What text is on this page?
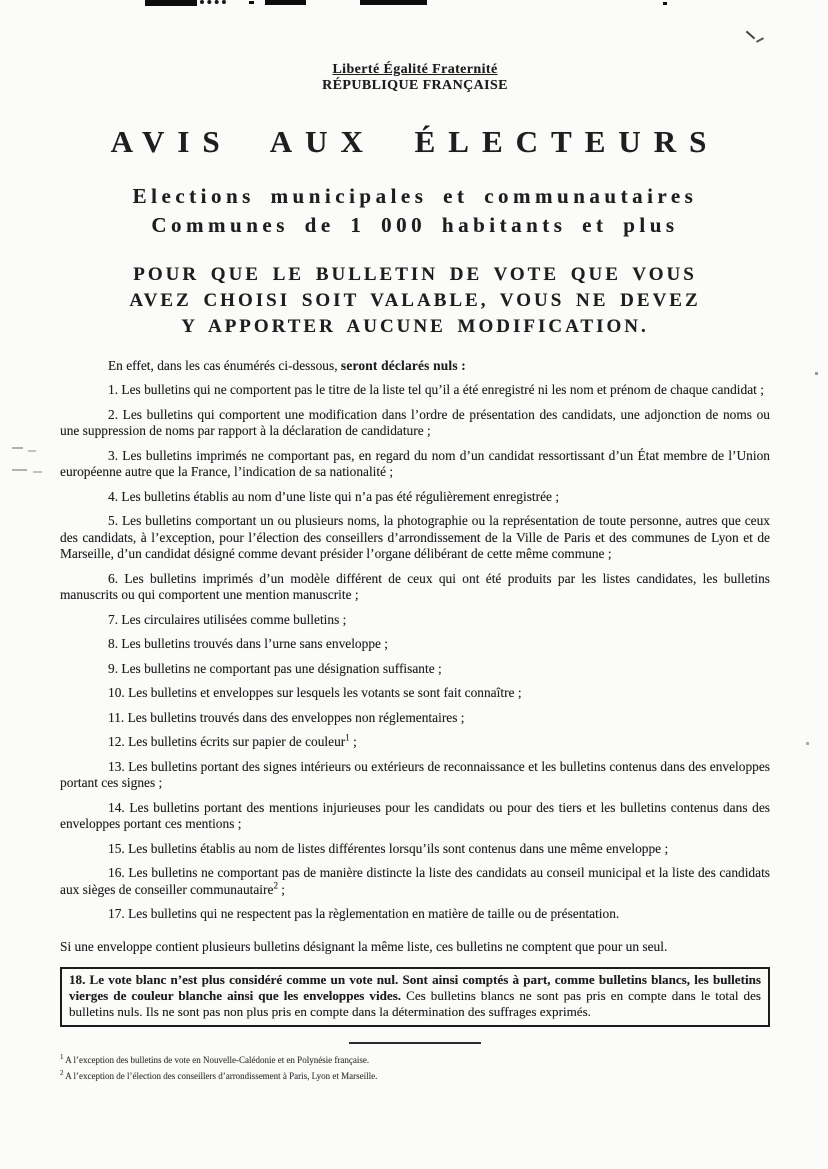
Liberté Égalité Fraternité
RÉPUBLIQUE FRANÇAISE
AVIS AUX ÉLECTEURS
Elections municipales et communautaires
Communes de 1 000 habitants et plus
POUR QUE LE BULLETIN DE VOTE QUE VOUS
AVEZ CHOISI SOIT VALABLE, VOUS NE DEVEZ
Y APPORTER AUCUNE MODIFICATION.

En effet, dans les cas énumérés ci-dessous, seront déclarés nuls :

1. Les bulletins qui ne comportent pas le titre de la liste tel qu’il a été enregistré ni les nom et prénom de chaque candidat ;

2. Les bulletins qui comportent une modification dans l’ordre de présentation des candidats, une adjonction de noms ou une suppression de noms par rapport à la déclaration de candidature ;

3. Les bulletins imprimés ne comportant pas, en regard du nom d’un candidat ressortissant d’un État membre de l’Union européenne autre que la France, l’indication de sa nationalité ;

4. Les bulletins établis au nom d’une liste qui n’a pas été régulièrement enregistrée ;

5. Les bulletins comportant un ou plusieurs noms, la photographie ou la représentation de toute personne, autres que ceux des candidats, à l’exception, pour l’élection des conseillers d’arrondissement de la Ville de Paris et des communes de Lyon et de Marseille, d’un candidat désigné comme devant présider l’organe délibérant de cette même commune ;

6. Les bulletins imprimés d’un modèle différent de ceux qui ont été produits par les listes candidates, les bulletins manuscrits ou qui comportent une mention manuscrite ;

7. Les circulaires utilisées comme bulletins ;

8. Les bulletins trouvés dans l’urne sans enveloppe ;

9. Les bulletins ne comportant pas une désignation suffisante ;

10. Les bulletins et enveloppes sur lesquels les votants se sont fait connaître ;

11. Les bulletins trouvés dans des enveloppes non réglementaires ;

12. Les bulletins écrits sur papier de couleur$^1$ ;

13. Les bulletins portant des signes intérieurs ou extérieurs de reconnaissance et les bulletins contenus dans des enveloppes portant ces signes ;

14. Les bulletins portant des mentions injurieuses pour les candidats ou pour des tiers et les bulletins contenus dans des enveloppes portant ces mentions ;

15. Les bulletins établis au nom de listes différentes lorsqu’ils sont contenus dans une même enveloppe ;

16. Les bulletins ne comportant pas de manière distincte la liste des candidats au conseil municipal et la liste des candidats aux sièges de conseiller communautaire$^2$ ;

17. Les bulletins qui ne respectent pas la règlementation en matière de taille ou de présentation.

Si une enveloppe contient plusieurs bulletins désignant la même liste, ces bulletins ne comptent que pour un seul.

18. Le vote blanc n’est plus considéré comme un vote nul. Sont ainsi comptés à part, comme bulletins blancs, les bulletins vierges de couleur blanche ainsi que les enveloppes vides. Ces bulletins blancs ne sont pas pris en compte dans le total des bulletins nuls. Ils ne sont pas non plus pris en compte dans la détermination des suffrages exprimés.

$^1$ A l’exception des bulletins de vote en Nouvelle-Calédonie et en Polynésie française.

$^2$ A l’exception de l’élection des conseillers d’arrondissement à Paris, Lyon et Marseille.
